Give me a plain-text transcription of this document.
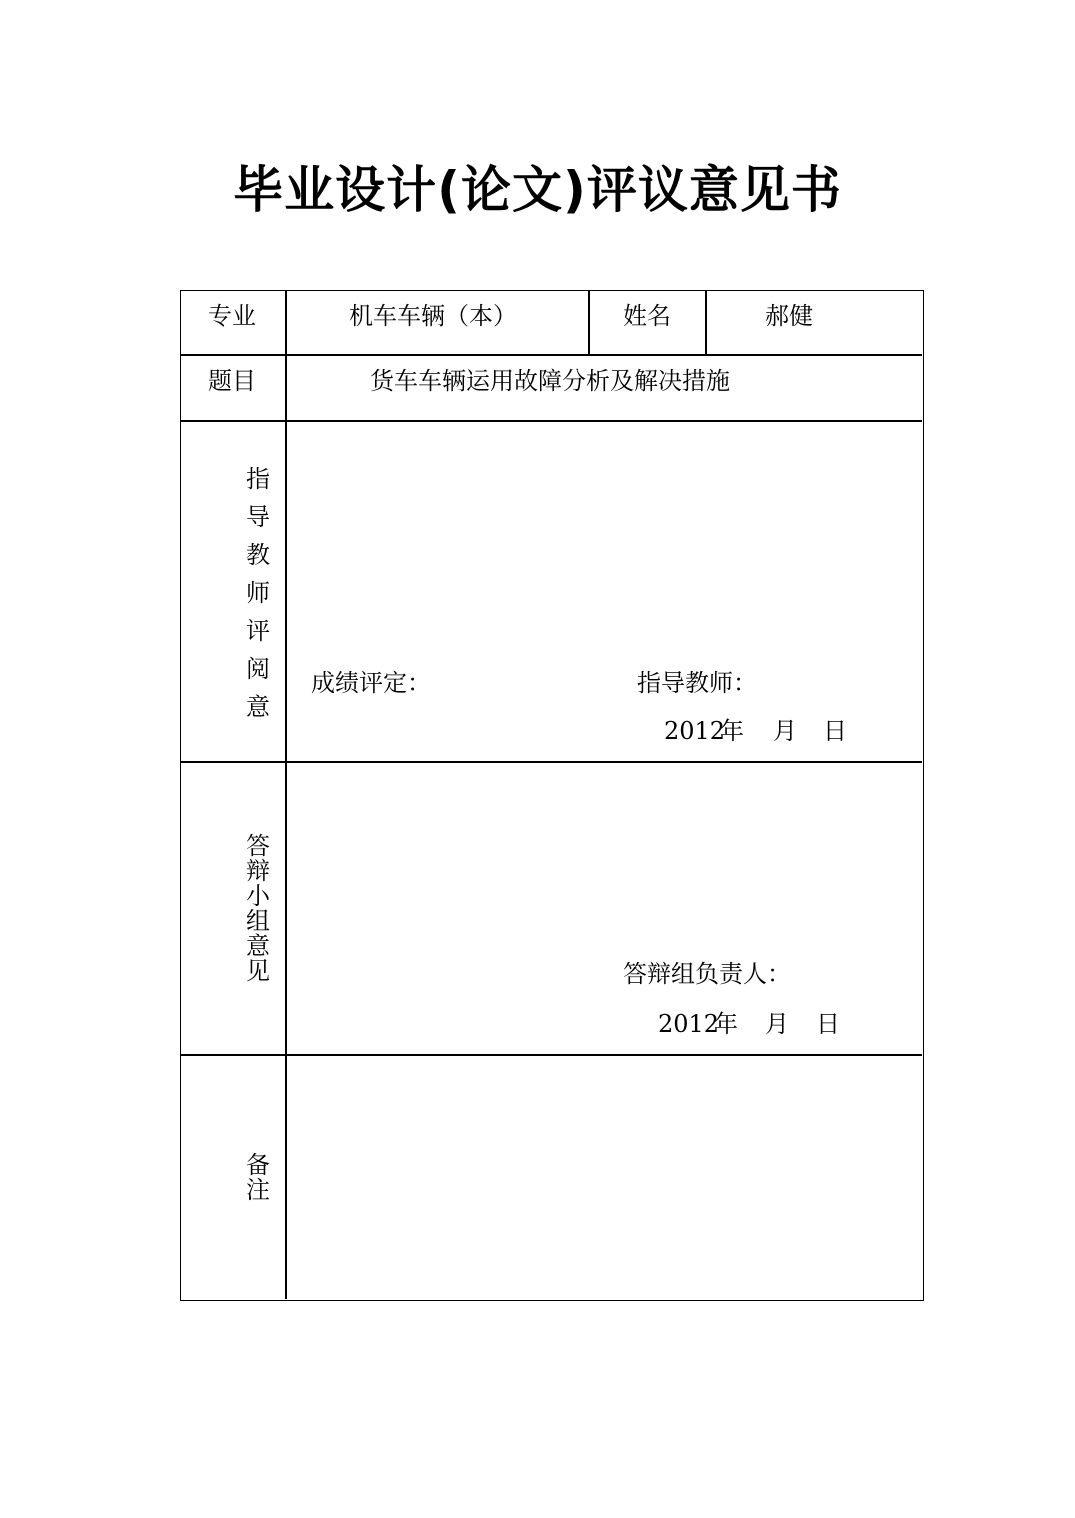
毕业设计(论文)评议意见书
专业	机车车辆（本）	姓名	郝健
题目	货车车辆运用故障分析及解决措施
指
导
教
师
评
阅
意
成绩评定：	指导教师：
2012
年 月 日
答
辩
小
组
意
见	答辩组负责人：
2012
年 月 日
备
注
